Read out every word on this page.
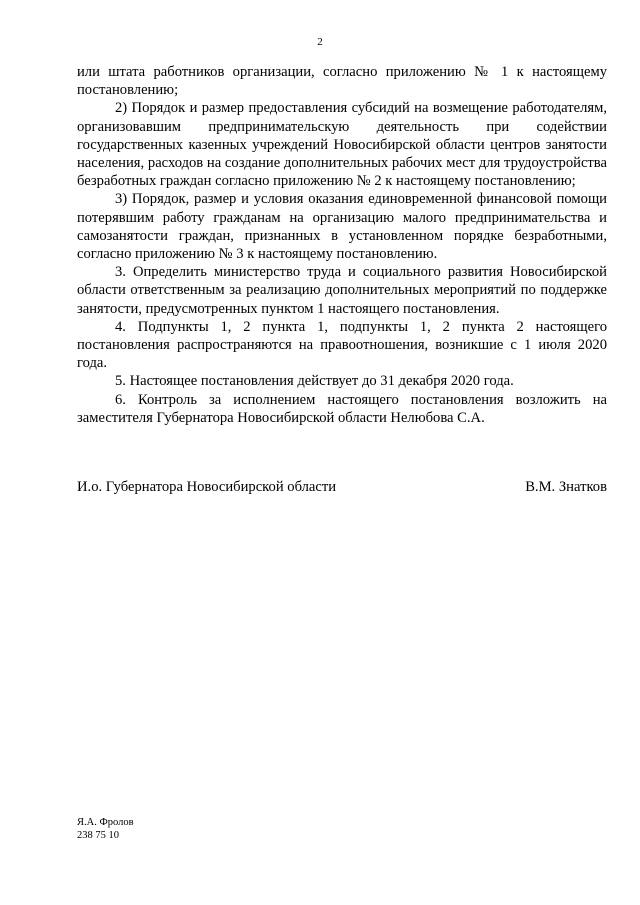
2

или штата работников организации, согласно приложению № 1 к настоящему постановлению;

2) Порядок и размер предоставления субсидий на возмещение работодателям, организовавшим предпринимательскую деятельность при содействии государственных казенных учреждений Новосибирской области центров занятости населения, расходов на создание дополнительных рабочих мест для трудоустройства безработных граждан согласно приложению № 2 к настоящему постановлению;

3) Порядок, размер и условия оказания единовременной финансовой помощи потерявшим работу гражданам на организацию малого предпринимательства и самозанятости граждан, признанных в установленном порядке безработными, согласно приложению № 3 к настоящему постановлению.

3. Определить министерство труда и социального развития Новосибирской области ответственным за реализацию дополнительных мероприятий по поддержке занятости, предусмотренных пунктом 1 настоящего постановления.

4. Подпункты 1, 2 пункта 1, подпункты 1, 2 пункта 2 настоящего постановления распространяются на правоотношения, возникшие с 1 июля 2020 года.

5. Настоящее постановления действует до 31 декабря 2020 года.

6. Контроль за исполнением настоящего постановления возложить на заместителя Губернатора Новосибирской области Нелюбова С.А.

И.о. Губернатора Новосибирской области	В.М. Знатков
Я.А. Фролов
238 75 10
